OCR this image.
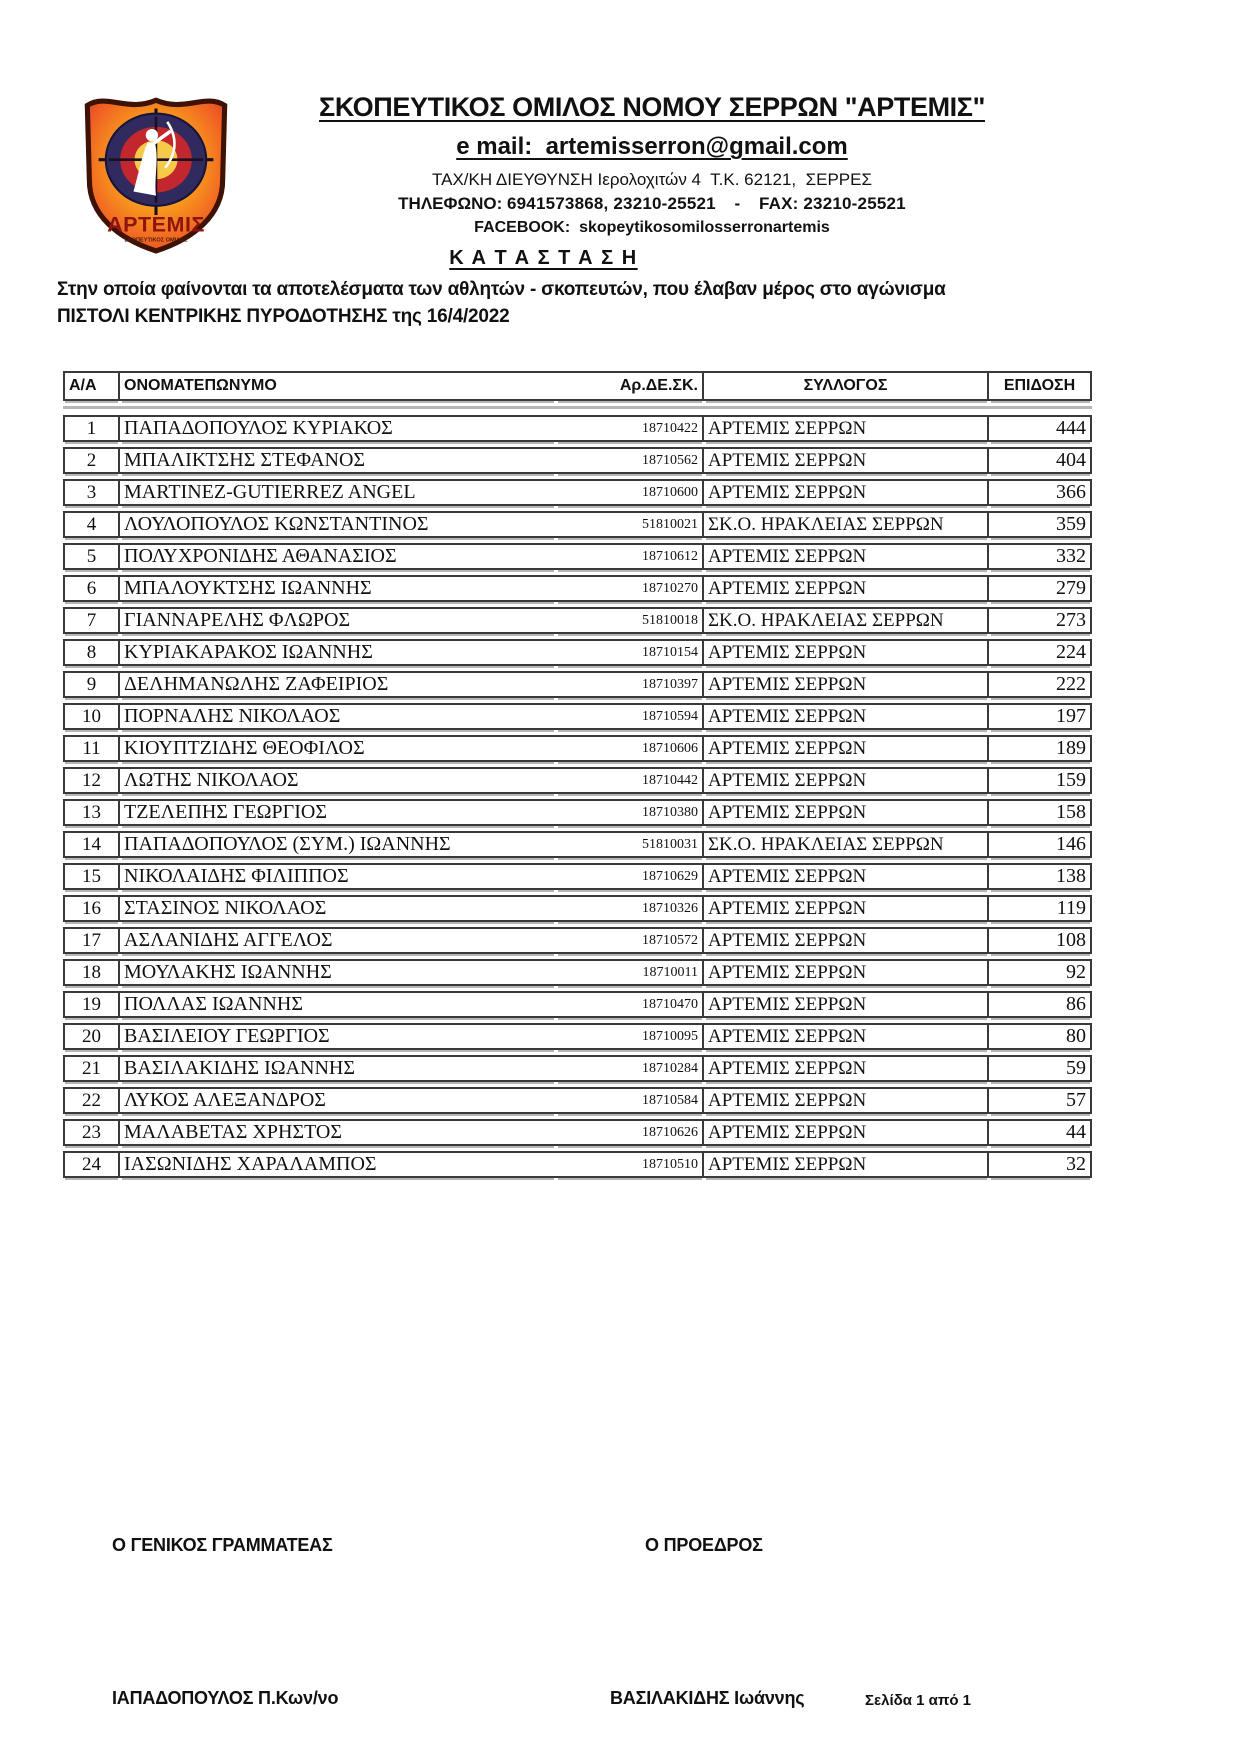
ΑΡΤΕΜΙΣ
ΣΚΟΠΕΥΤΙΚΟΣ ΟΜΙΛΟΣ
ΣΚΟΠΕΥΤΙΚΟΣ ΟΜΙΛΟΣ ΝΟΜΟΥ ΣΕΡΡΩΝ "ΑΡΤΕΜΙΣ"
e mail:  artemisserron@gmail.com
ΤΑΧ/ΚΗ ΔΙΕΥΘΥΝΣΗ Ιερολοχιτών 4  Τ.Κ. 62121,  ΣΕΡΡΕΣ
ΤΗΛΕΦΩΝΟ: 6941573868, 23210-25521 - FAX: 23210-25521
FACEBOOK:  skopeytikosomilosserronartemis
Κ Α Τ Α Σ Τ Α Σ Η
Στην οποία φαίνονται τα αποτελέσματα των αθλητών - σκοπευτών, που έλαβαν μέρος στο αγώνισμα
ΠΙΣΤΟΛΙ ΚΕΝΤΡΙΚΗΣ ΠΥΡΟΔΟΤΗΣΗΣ της 16/4/2022
Α/Α	ΟΝΟΜΑΤΕΠΩΝΥΜΟ	Αρ.ΔΕ.ΣΚ.	ΣΥΛΛΟΓΟΣ	ΕΠΙΔΟΣΗ

1	ΠΑΠΑΔΟΠΟΥΛΟΣ ΚΥΡΙΑΚΟΣ	18710422	ΑΡΤΕΜΙΣ ΣΕΡΡΩΝ	444
2	ΜΠΑΛΙΚΤΣΗΣ ΣΤΕΦΑΝΟΣ	18710562	ΑΡΤΕΜΙΣ ΣΕΡΡΩΝ	404
3	MARTINEZ-GUTIERREZ ANGEL	18710600	ΑΡΤΕΜΙΣ ΣΕΡΡΩΝ	366
4	ΛΟΥΛΟΠΟΥΛΟΣ ΚΩΝΣΤΑΝΤΙΝΟΣ	51810021	ΣΚ.Ο. ΗΡΑΚΛΕΙΑΣ ΣΕΡΡΩΝ	359
5	ΠΟΛΥΧΡΟΝΙΔΗΣ ΑΘΑΝΑΣΙΟΣ	18710612	ΑΡΤΕΜΙΣ ΣΕΡΡΩΝ	332
6	ΜΠΑΛΟΥΚΤΣΗΣ ΙΩΑΝΝΗΣ	18710270	ΑΡΤΕΜΙΣ ΣΕΡΡΩΝ	279
7	ΓΙΑΝΝΑΡΕΛΗΣ ΦΛΩΡΟΣ	51810018	ΣΚ.Ο. ΗΡΑΚΛΕΙΑΣ ΣΕΡΡΩΝ	273
8	ΚΥΡΙΑΚΑΡΑΚΟΣ ΙΩΑΝΝΗΣ	18710154	ΑΡΤΕΜΙΣ ΣΕΡΡΩΝ	224
9	ΔΕΛΗΜΑΝΩΛΗΣ ΖΑΦΕΙΡΙΟΣ	18710397	ΑΡΤΕΜΙΣ ΣΕΡΡΩΝ	222
10	ΠΟΡΝΑΛΗΣ ΝΙΚΟΛΑΟΣ	18710594	ΑΡΤΕΜΙΣ ΣΕΡΡΩΝ	197
11	ΚΙΟΥΠΤΖΙΔΗΣ ΘΕΟΦΙΛΟΣ	18710606	ΑΡΤΕΜΙΣ ΣΕΡΡΩΝ	189
12	ΛΩΤΗΣ ΝΙΚΟΛΑΟΣ	18710442	ΑΡΤΕΜΙΣ ΣΕΡΡΩΝ	159
13	ΤΖΕΛΕΠΗΣ ΓΕΩΡΓΙΟΣ	18710380	ΑΡΤΕΜΙΣ ΣΕΡΡΩΝ	158
14	ΠΑΠΑΔΟΠΟΥΛΟΣ (ΣΥΜ.) ΙΩΑΝΝΗΣ	51810031	ΣΚ.Ο. ΗΡΑΚΛΕΙΑΣ ΣΕΡΡΩΝ	146
15	ΝΙΚΟΛΑΙΔΗΣ ΦΙΛΙΠΠΟΣ	18710629	ΑΡΤΕΜΙΣ ΣΕΡΡΩΝ	138
16	ΣΤΑΣΙΝΟΣ ΝΙΚΟΛΑΟΣ	18710326	ΑΡΤΕΜΙΣ ΣΕΡΡΩΝ	119
17	ΑΣΛΑΝΙΔΗΣ ΑΓΓΕΛΟΣ	18710572	ΑΡΤΕΜΙΣ ΣΕΡΡΩΝ	108
18	ΜΟΥΛΑΚΗΣ ΙΩΑΝΝΗΣ	18710011	ΑΡΤΕΜΙΣ ΣΕΡΡΩΝ	92
19	ΠΟΛΛΑΣ ΙΩΑΝΝΗΣ	18710470	ΑΡΤΕΜΙΣ ΣΕΡΡΩΝ	86
20	ΒΑΣΙΛΕΙΟΥ ΓΕΩΡΓΙΟΣ	18710095	ΑΡΤΕΜΙΣ ΣΕΡΡΩΝ	80
21	ΒΑΣΙΛΑΚΙΔΗΣ ΙΩΑΝΝΗΣ	18710284	ΑΡΤΕΜΙΣ ΣΕΡΡΩΝ	59
22	ΛΥΚΟΣ ΑΛΕΞΑΝΔΡΟΣ	18710584	ΑΡΤΕΜΙΣ ΣΕΡΡΩΝ	57
23	ΜΑΛΑΒΕΤΑΣ ΧΡΗΣΤΟΣ	18710626	ΑΡΤΕΜΙΣ ΣΕΡΡΩΝ	44
24	ΙΑΣΩΝΙΔΗΣ ΧΑΡΑΛΑΜΠΟΣ	18710510	ΑΡΤΕΜΙΣ ΣΕΡΡΩΝ	32
Ο ΓΕΝΙΚΟΣ ΓΡΑΜΜΑΤΕΑΣ	Ο ΠΡΟΕΔΡΟΣ
ΙΑΠΑΔΟΠΟΥΛΟΣ Π.Κων/νο	ΒΑΣΙΛΑΚΙΔΗΣ Ιωάννης	Σελίδα 1 από 1
